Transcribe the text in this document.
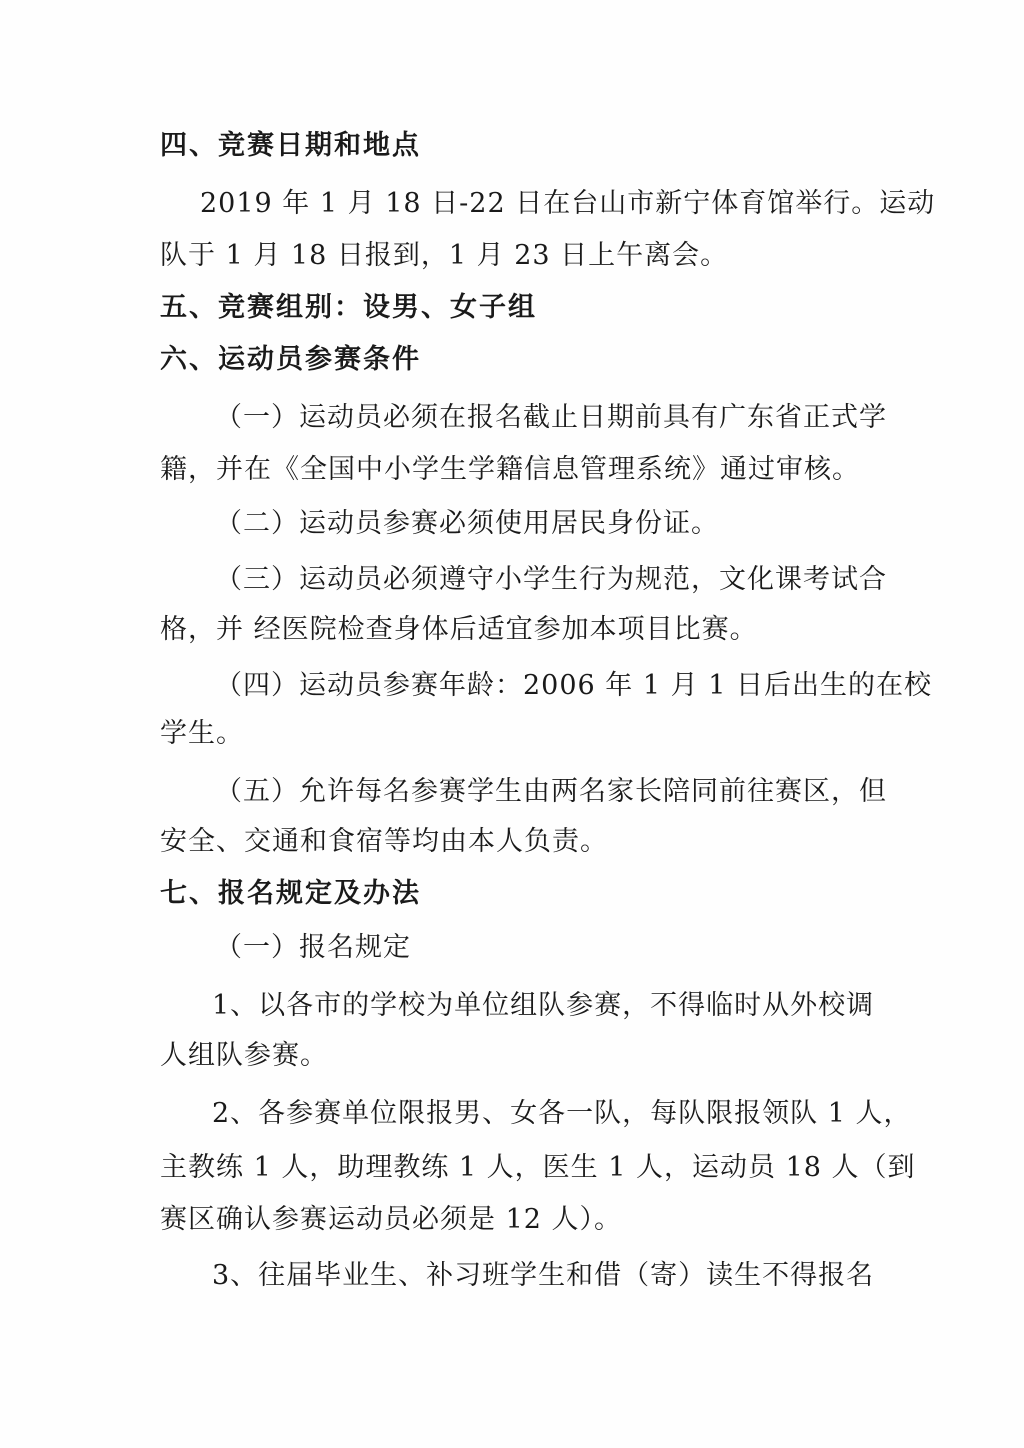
四、竞赛日期和地点
2019 年 1 月 18 日-22 日在台山市新宁体育馆举行。运动
队于 1 月 18 日报到，1 月 23 日上午离会。
五、竞赛组别：设男、女子组
六、运动员参赛条件
（一）运动员必须在报名截止日期前具有广东省正式学
籍，并在《全国中小学生学籍信息管理系统》通过审核。
（二）运动员参赛必须使用居民身份证。
（三）运动员必须遵守小学生行为规范，文化课考试合
格，并 经医院检查身体后适宜参加本项目比赛。
（四）运动员参赛年龄：2006 年 1 月 1 日后出生的在校
学生。
（五）允许每名参赛学生由两名家长陪同前往赛区，但
安全、交通和食宿等均由本人负责。
七、报名规定及办法
（一）报名规定
1、以各市的学校为单位组队参赛，不得临时从外校调
人组队参赛。
2、各参赛单位限报男、女各一队，每队限报领队 1 人，
主教练 1 人，助理教练 1 人，医生 1 人，运动员 18 人（到
赛区确认参赛运动员必须是 12 人）。
3、往届毕业生、补习班学生和借（寄）读生不得报名
